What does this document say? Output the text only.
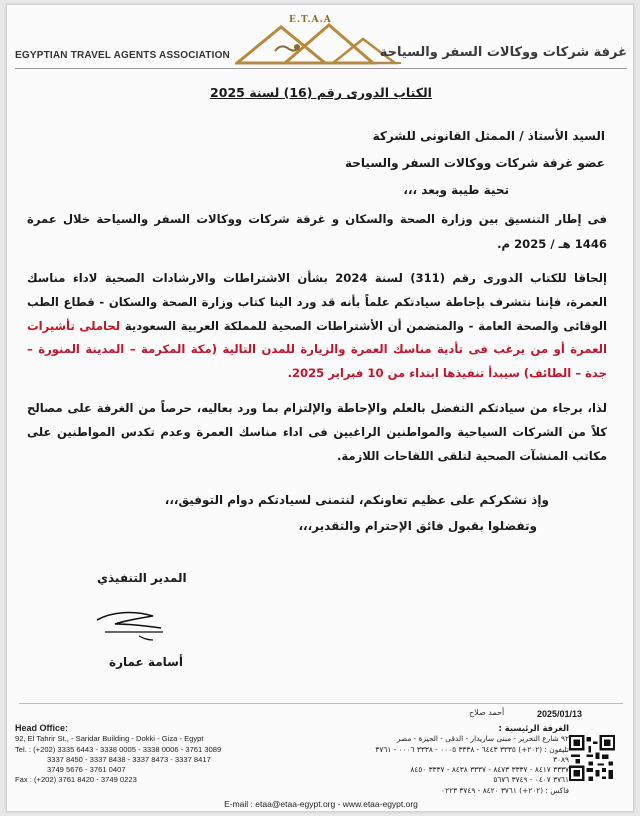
E.T.A.A
EGYPTIAN TRAVEL AGENTS ASSOCIATION	غرفة شركات ووكالات السفر والسياحة
الكتاب الدورى رقم (16) لسنة 2025
السيد الأستاذ / الممثل القانونى للشركة
عضو غرفة شركات ووكالات السفر والسياحة
تحية طيبة وبعد ،،،
فى إطار التنسيق بين وزارة الصحة والسكان و غرفة شركات ووكالات السفر والسياحة خلال عمرة 1446 هـ / 2025 م.
إلحاقا للكتاب الدورى رقم (311) لسنة 2024 بشأن الاشتراطات والارشادات الصحية لاداء مناسك العمرة، فإننا نتشرف بإحاطة سيادتكم علماً بأنه قد ورد الينا كتاب وزارة الصحة والسكان - قطاع الطب الوقائى والصحة العامة - والمتضمن أن الأشتراطات الصحية للمملكة العربية السعودية لحاملى تأشيرات العمرة أو من يرغب فى تأدية مناسك العمرة والزيارة للمدن التالية (مكة المكرمة – المدينة المنورة – جدة – الطائف) سيبدأ تنفيذها ابتداء من 10 فبراير 2025.
لذا، برجاء من سيادتكم التفضل بالعلم والإحاطة والإلتزام بما ورد بعاليه، حرصاً من الغرفة على مصالح كلاً من الشركات السياحية والمواطنين الراغبين فى اداء مناسك العمرة وعدم تكدس المواطنين على مكاتب المنشآت الصحية لتلقى اللقاحات اللازمة.
وإذ نشكركم على عظيم تعاونكم، لنتمنى لسيادتكم دوام التوفيق،،،
وتفضلوا بقبول فائق الإحترام والتقدير،،،
المدير التنفيذي
أسامة عمارة
أحمد صلاح	2025/01/13
Head Office:
92, El Tahrir St., - Saridar Building - Dokki - Giza - Egypt
Tel. : (+202) 3335 6443 - 3338 0005 - 3338 0006 - 3761 3089
3337 8450 - 3337 8438 - 3337 8473 - 3337 8417
3749 5676 - 3761 0407
Fax : (+202) 3761 8420 - 3749 0223
الغرفة الرئيسية :
٩٢ شارع التحرير - مبنى ساريدار - الدقى - الجيزة - مصر
تليفون : (٢٠٢+) ٣٣٣٥ ٦٤٤٣ - ٣٣٣٨ ٠٠٠٥ - ٣٣٣٨ ٠٠٠٦ - ٣٧٦١ ٣٠٨٩
٣٣٣٧ ٨٤١٧ - ٣٣٣٧ ٨٤٧٣ - ٣٣٣٧ ٨٤٣٨ - ٣٣٣٧ ٨٤٥٠
٣٧٦١ ٠٤٠٧ - ٣٧٤٩ ٥٦٧٦
فاكس : (٢٠٢+) ٣٧٦١ ٨٤٢٠ - ٣٧٤٩ ٠٢٢٣
E-mail : etaa@etaa-egypt.org - www.etaa-egypt.org
